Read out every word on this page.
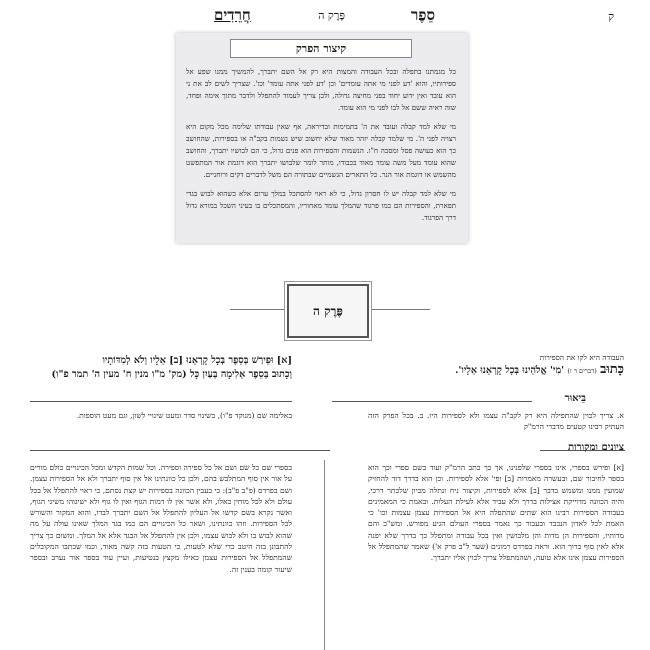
ק
סֵפֶר
פֶּרֶק ה
חֲרֵדִים
קיצור הפרק

כל מגמתנו בתפלה ובכל העבודה והמצות היא רק אל השם יתברך, להמשיך ממנו שפע אל ספירותיו, והוא 'דע לפני מי אתה עומדים' וכן 'דע לפני אתה עומד' וכו'. שצריך לשים לב את ני הוא עובד ואין ידוע יחוד בפני מחיצה גדולה, ולכן צריך לעמוד להתפלל ולדבר מתוך אימה ופחד, שזה ראיה ששם אל לבו לפני מי הוא עומד.

מי שלא למד קבלה ועובד את ה' בתמימות ובדיראה, אף שאין עבודתו שלימה מכל מקום היא רצויה לפני ה'. מי שלמד קבלה יזהר מאוד שלא יחשוב שיש נשמות בקב"ה או בספירות, שהחושב כך הוא כעושה פסל ומסכה ח"ו. הנשמות והספירות הוא פנים גדול, כי הם לבושיו יתברך, והחושב שהוא עומד מעל משה עומד מאוד בכבודו, מותר לומר שלבושו יתברך הוא דוגמת אור המתפשט מהשמש או דוגמת אור הנר. כל התארים הגשמיים שבתורה הם משל לדברים דקים ורוחניים.

מי שלא למד קבלה יש לו חסרון גדול, כי לא ראוי להסתכל במלך ערום אלא כשהוא לבוש בגדי תפארת, והספירות הם כמו פרגוד שהמלך עומד מאחוריו, והמסתכלים בו בעיני השכל במורא גדול דרך הפרגוד.

פֶּרֶק ה
העבודה היא לקו את הספירות
כָּתוּב (דברים ד ז) 'מִי' אֱלֹהֵינוּ בְּכָל קָרְאֵנוּ אֵלָיו'.
[א] וּפֵירַשׁ בְּסֵפֶר בְּכָל קָרְאֵנוּ [ב] אֵלָיו וְלֹא לְמִדּוֹתָיו
וְכָתוּב בְּסֵפֶר אֵלִימָה בְּעַיִן כָּל (מק' מ"ו מנין ח' מעין ה' תמר פ"ו)
בֵּיאוּר
א. צריך לכוין שהתפילה היא רק לקב"ה עצמו ולא לספירות היו. ב. בכל הפרק הזה העתיק רבינו קטעים מדברי הרמ"ק
באלימה שם (מנוקד פ"ו), בשינוי סדר ומעט שינויי לשון, וגם מעט הוספות.
ציונים ומקורות
[א] ופירש בספרי, אינו בספרי שלפנינו, אך כך כתב הרמ"ק ועוד בשם ספרי וכך הוא בספר לחיבור שם, ובעשרה מאמרות [ב] ופי' אלא לספירות. וכן הוא בדרך דוד להחזיק שמועין ממנו ומשמש בדבר [ב] אלא לספירות, וקיצור ניח ונתלה מכיון שלכתר דרכי, והיה הכוונה מדוייקת אצילות בדרך ולא עביד אלא לעילת העלות. ובאמת כי המאמינים בעבודה הספירות רבינו הוא שתים שהתפלה היא אל הספירות עצמן עצמות וכו' כי האמת לכל לאדון הנכבד ובעבור כך נאמר בספרי העולם הגיע מפורש. ומש"כ והם מדותיו, והספירות הן מדות והן מלבושין ואין בכל עבודה ומתפלל כך בדרך שלא יפנה אלא לאין סוף ברוך הוא. וראה בפרדס רמונים (שער ל"ב פרק א') שאמר שהמתפלל אל הספירות עצמן אינו אלא טועה, ושהמתפלל צריך לכוין אליו יתברך.
בספרי שם כל שם ושם אל כל ספירה וספירה. וכל שמות הקדש ומכל הכינויים כולם מורים על אור אין סוף המתלבש בהם, ולכן כל כוונתינו אל אין סוף יתברך ולא אל הספירות עצמן. ושם בפרדס (פ"ב פ"ב): כי בעבין הכוונה בספירות יש קצת נסתם, כי ראוי להתפלל אל בכל עולם ולא לכל מוחין כאלו, ולא אשר אין לו דמות הגוף ואין לו גוף ולא ישיגוהו משיגי הגוף, ואשר נקרא בשם קדשו אל העליון להתפלל אל השם יתברך לבדו, והוא המקור והשורש לכל הספירות. וזהו כוונתינו, ושאר כל הכינויים הם כמו בגד המלך שאינו עולה על מה שהוא לבוש בו ולא לבוש עצמו, ולכן אין להתפלל אל הבגד אלא אל המלך. ומשום כך צריך להתבונן בזה היטב כדי שלא לטעות, כי הטעות בזה קשה מאוד, וכמו שכתבו המקובלים שהמתפלל אל הספירות עצמן כאילו מקצץ בנטיעות, ועיין עוד בספר אור נערב ובספר שיעור קומה בענין זה.
